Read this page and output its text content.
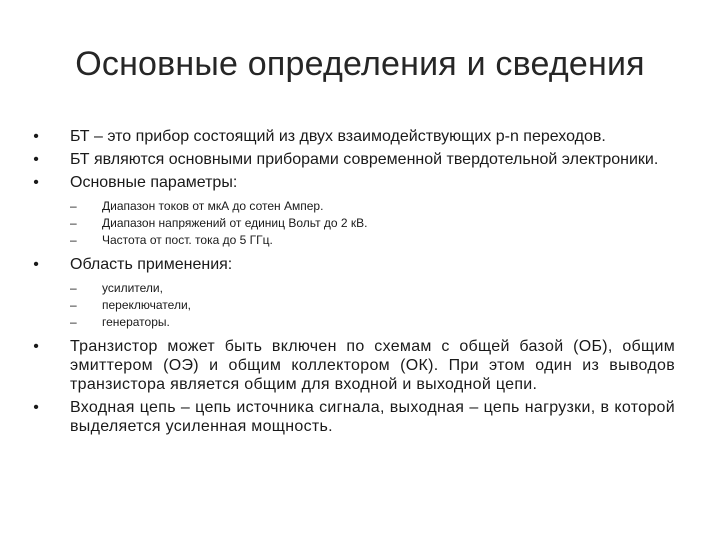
Основные определения и сведения
• БТ – это прибор состоящий из двух взаимодействующих p-n переходов.
• БТ являются основными приборами современной твердотельной электроники.
• Основные параметры:
– Диапазон токов от мкА до сотен Ампер.
– Диапазон напряжений от единиц Вольт до 2 кВ.
– Частота от пост. тока до 5 ГГц.
• Область применения:
– усилители,
– переключатели,
– генераторы.
• Транзистор может быть включен по схемам с общей базой (ОБ), общим эмиттером (ОЭ) и общим коллектором (ОК). При этом один из выводов транзистора является общим для входной и выходной цепи.
• Входная цепь – цепь источника сигнала, выходная – цепь нагрузки, в которой выделяется усиленная мощность.
